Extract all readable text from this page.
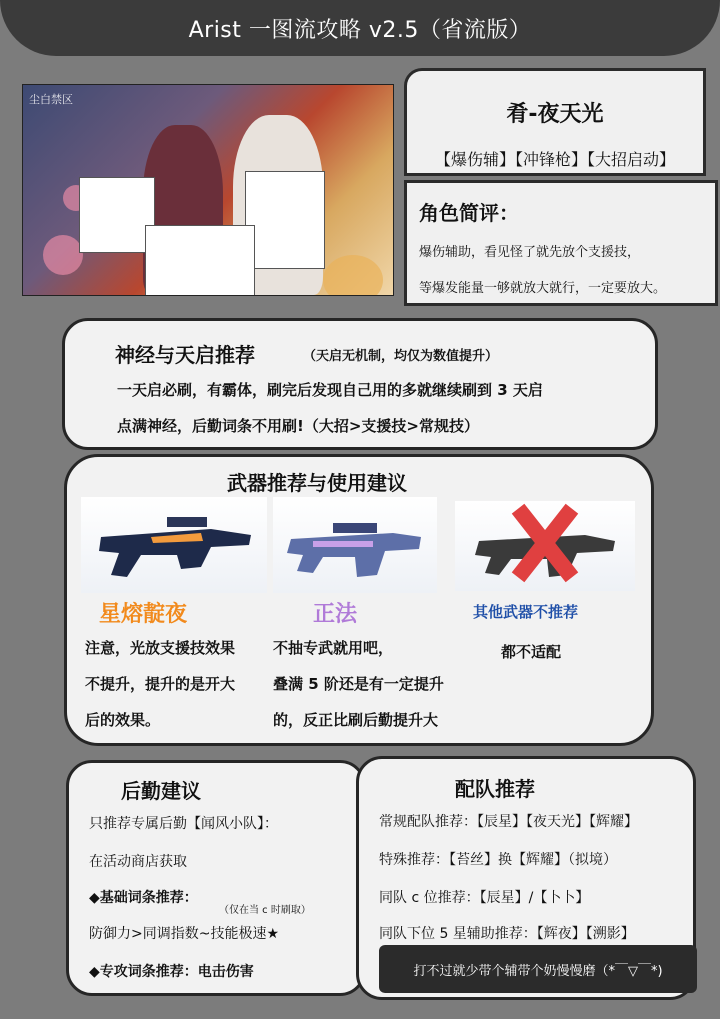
Arist 一图流攻略 v2.5（省流版）
尘白禁区
肴-夜天光
【爆伤辅】【冲锋枪】【大招启动】
角色简评：
爆伤辅助，看见怪了就先放个支援技，
等爆发能量一够就放大就行，一定要放大。
神经与天启推荐	（天启无机制，均仅为数值提升）
一天启必刷，有霸体，刷完后发现自己用的多就继续刷到 3 天启
点满神经，后勤词条不用刷!（大招>支援技>常规技）
武器推荐与使用建议
星熔靛夜	正法	其他武器不推荐
注意，光放支援技效果
不提升，提升的是开大
后的效果。
不抽专武就用吧，
叠满 5 阶还是有一定提升
的，反正比刷后勤提升大
都不适配
后勤建议
只推荐专属后勤【闻风小队】：
在活动商店获取
◆基础词条推荐：
（仅在当 c 时刷取）
防御力>同调指数~技能极速★
◆专攻词条推荐：电击伤害
配队推荐
常规配队推荐：【辰星】【夜天光】【辉耀】
特殊推荐：【苔丝】换【辉耀】（拟境）
同队 c 位推荐：【辰星】/【卜卜】
同队下位 5 星辅助推荐：【辉夜】【溯影】
打不过就少带个辅带个奶慢慢磨（*￣▽￣*)
